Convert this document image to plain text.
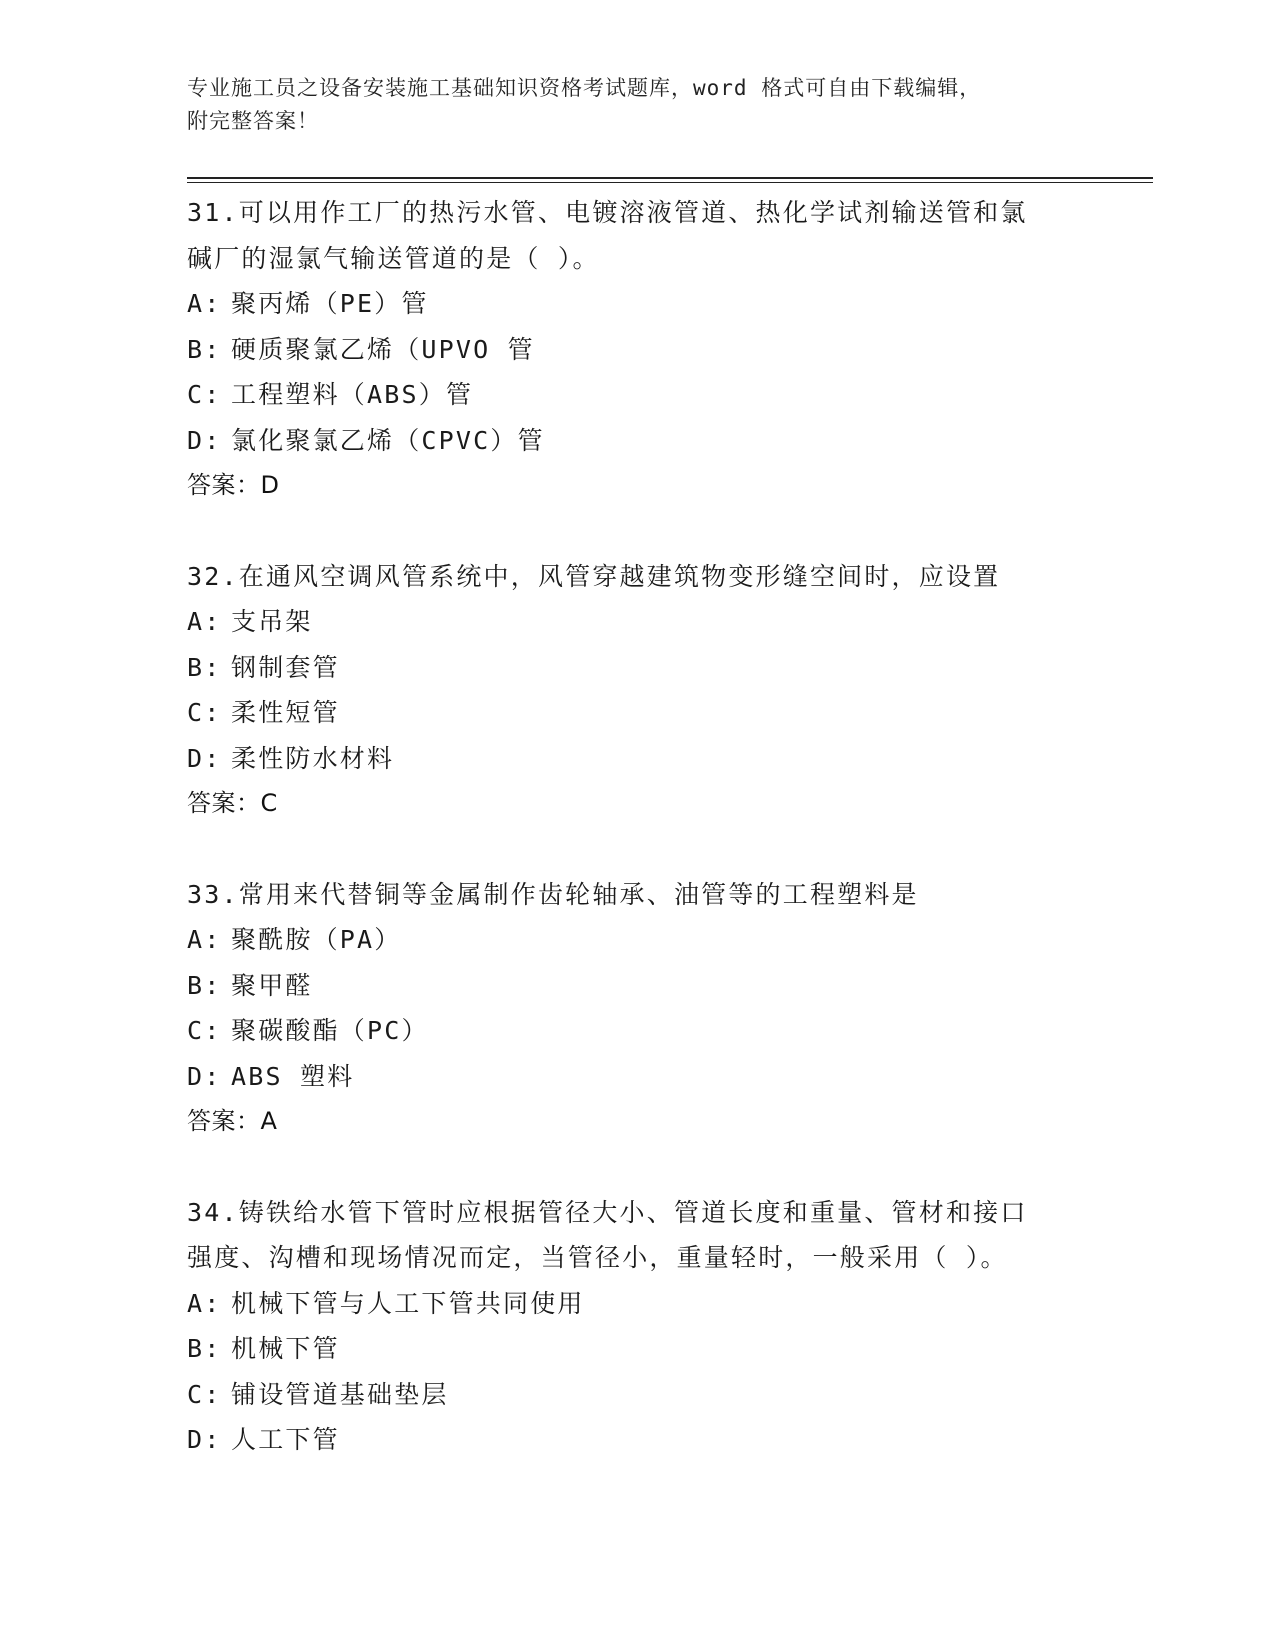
专业施工员之设备安装施工基础知识资格考试题库，word 格式可自由下载编辑，
附完整答案！
31.可以用作工厂的热污水管、电镀溶液管道、热化学试剂输送管和氯
碱厂的湿氯气输送管道的是（ ）。
A: 聚丙烯（PE）管
B: 硬质聚氯乙烯（UPVO 管
C: 工程塑料（ABS）管
D: 氯化聚氯乙烯（CPVC）管
答案：D
32.在通风空调风管系统中，风管穿越建筑物变形缝空间时，应设置
A: 支吊架
B: 钢制套管
C: 柔性短管
D: 柔性防水材料
答案：C
33.常用来代替铜等金属制作齿轮轴承、油管等的工程塑料是
A: 聚酰胺（PA）
B: 聚甲醛
C: 聚碳酸酯（PC）
D: ABS 塑料
答案：A
34.铸铁给水管下管时应根据管径大小、管道长度和重量、管材和接口
强度、沟槽和现场情况而定，当管径小，重量轻时，一般采用（ ）。
A: 机械下管与人工下管共同使用
B: 机械下管
C: 铺设管道基础垫层
D: 人工下管
